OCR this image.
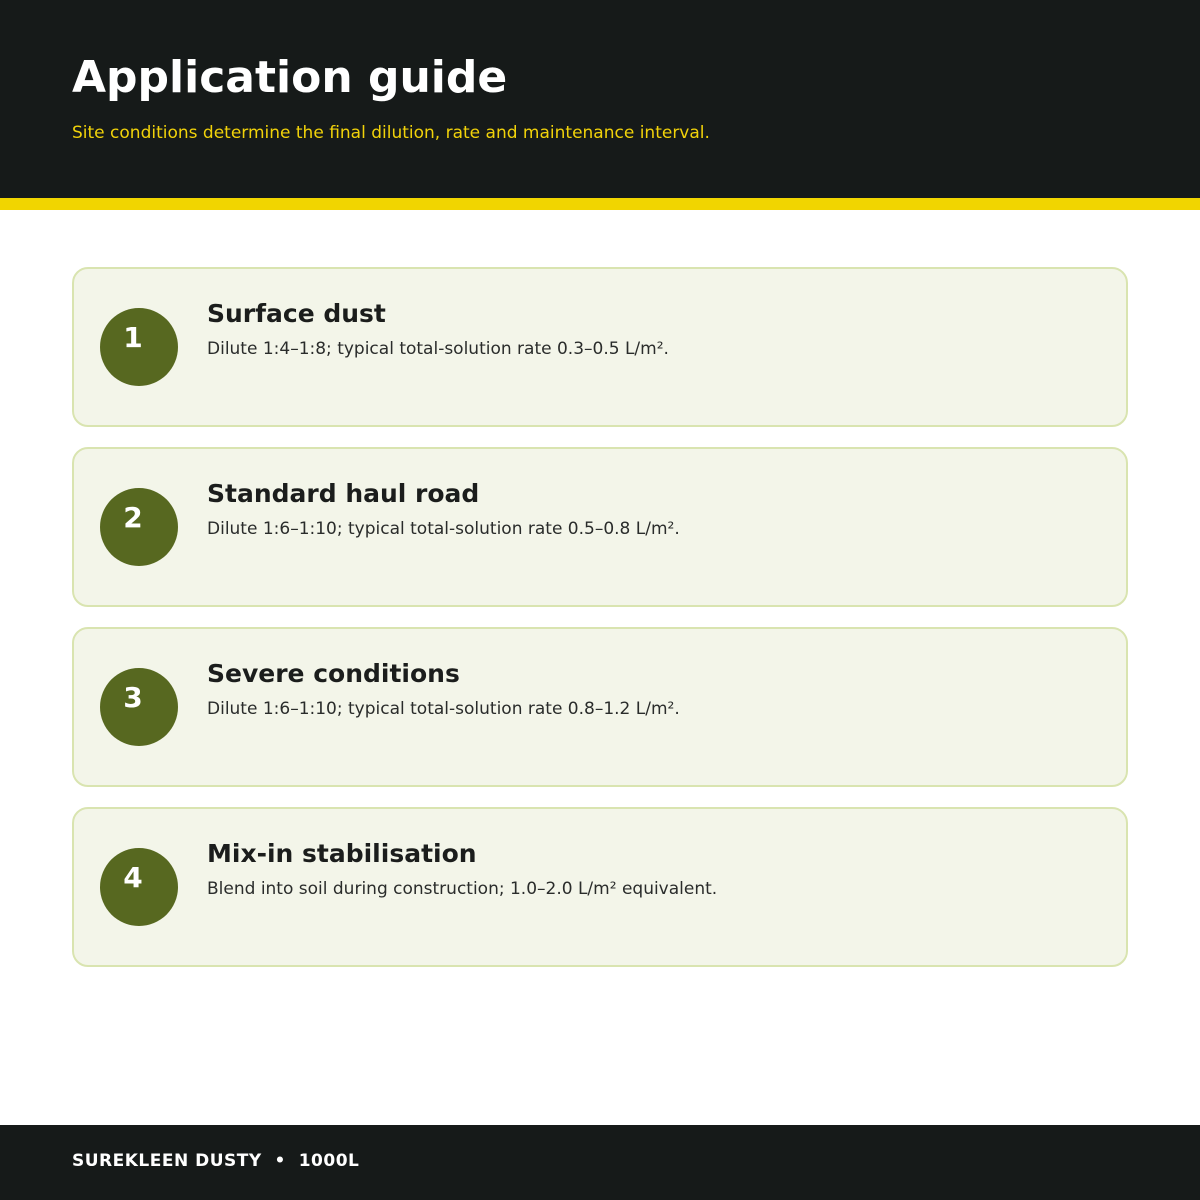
Application guide

Site conditions determine the final dilution, rate and maintenance interval.

1
Surface dust

Dilute 1:4–1:8; typical total-solution rate 0.3–0.5 L/m².

2
Standard haul road

Dilute 1:6–1:10; typical total-solution rate 0.5–0.8 L/m².

3
Severe conditions

Dilute 1:6–1:10; typical total-solution rate 0.8–1.2 L/m².

4
Mix-in stabilisation

Blend into soil during construction; 1.0–2.0 L/m² equivalent.

SUREKLEEN DUSTY  •  1000L
